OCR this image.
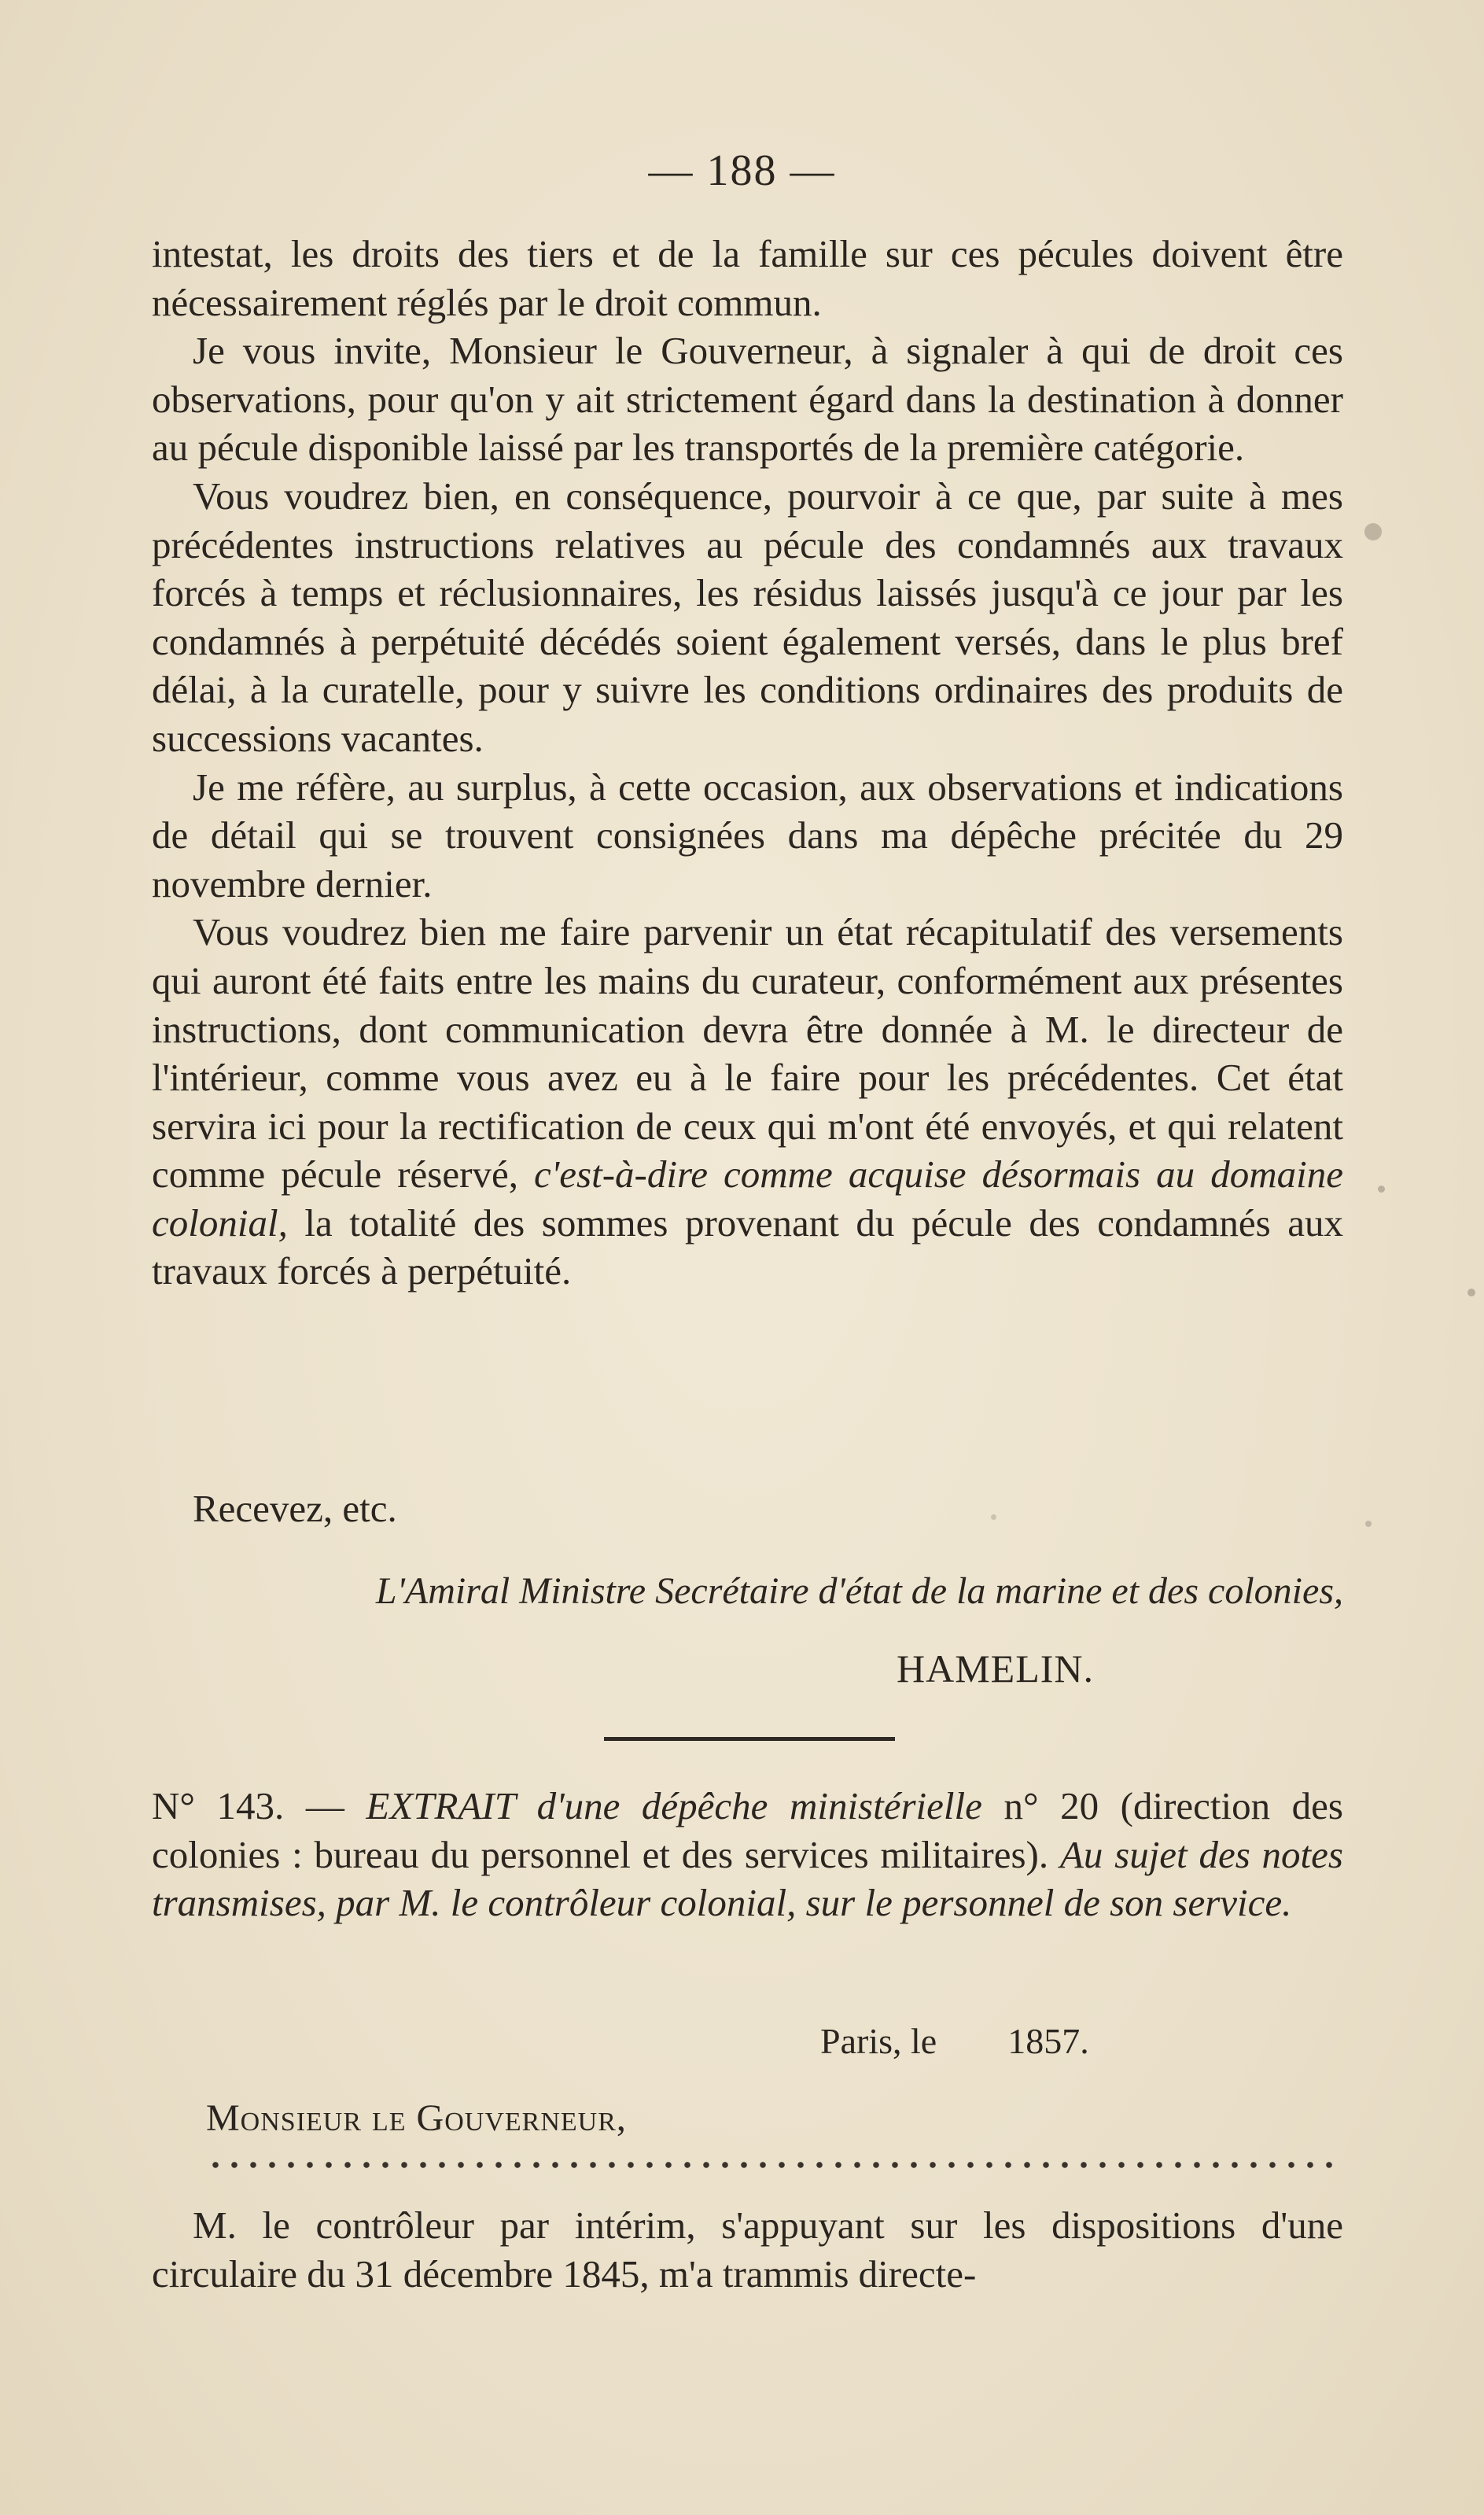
— 188 —

intestat, les droits des tiers et de la famille sur ces pécules doivent être nécessairement réglés par le droit commun.

Je vous invite, Monsieur le Gouverneur, à signaler à qui de droit ces observations, pour qu'on y ait strictement égard dans la destination à donner au pécule disponible laissé par les transportés de la première catégorie.

Vous voudrez bien, en conséquence, pourvoir à ce que, par suite à mes précédentes instructions relatives au pécule des condamnés aux travaux forcés à temps et réclusionnaires, les résidus laissés jusqu'à ce jour par les condamnés à perpétuité décédés soient également versés, dans le plus bref délai, à la curatelle, pour y suivre les conditions ordinaires des produits de successions vacantes.

Je me réfère, au surplus, à cette occasion, aux observations et indications de détail qui se trouvent consignées dans ma dépêche précitée du 29 novembre dernier.

Vous voudrez bien me faire parvenir un état récapitulatif des versements qui auront été faits entre les mains du curateur, conformément aux présentes instructions, dont communication devra être donnée à M. le directeur de l'intérieur, comme vous avez eu à le faire pour les précédentes. Cet état servira ici pour la rectification de ceux qui m'ont été envoyés, et qui relatent comme pécule réservé, c'est-à-dire comme acquise désormais au domaine colonial, la totalité des sommes provenant du pécule des condamnés aux travaux forcés à perpétuité.

Recevez, etc.

L'Amiral Ministre Secrétaire d'état de la marine et des colonies,
HAMELIN.

N° 143. — EXTRAIT d'une dépêche ministérielle n° 20 (direction des colonies : bureau du personnel et des services militaires). Au sujet des notes transmises, par M. le contrôleur colonial, sur le personnel de son service.

Paris, le 1857.
Monsieur le Gouverneur,

M. le contrôleur par intérim, s'appuyant sur les dispositions d'une circulaire du 31 décembre 1845, m'a trammis directe-
